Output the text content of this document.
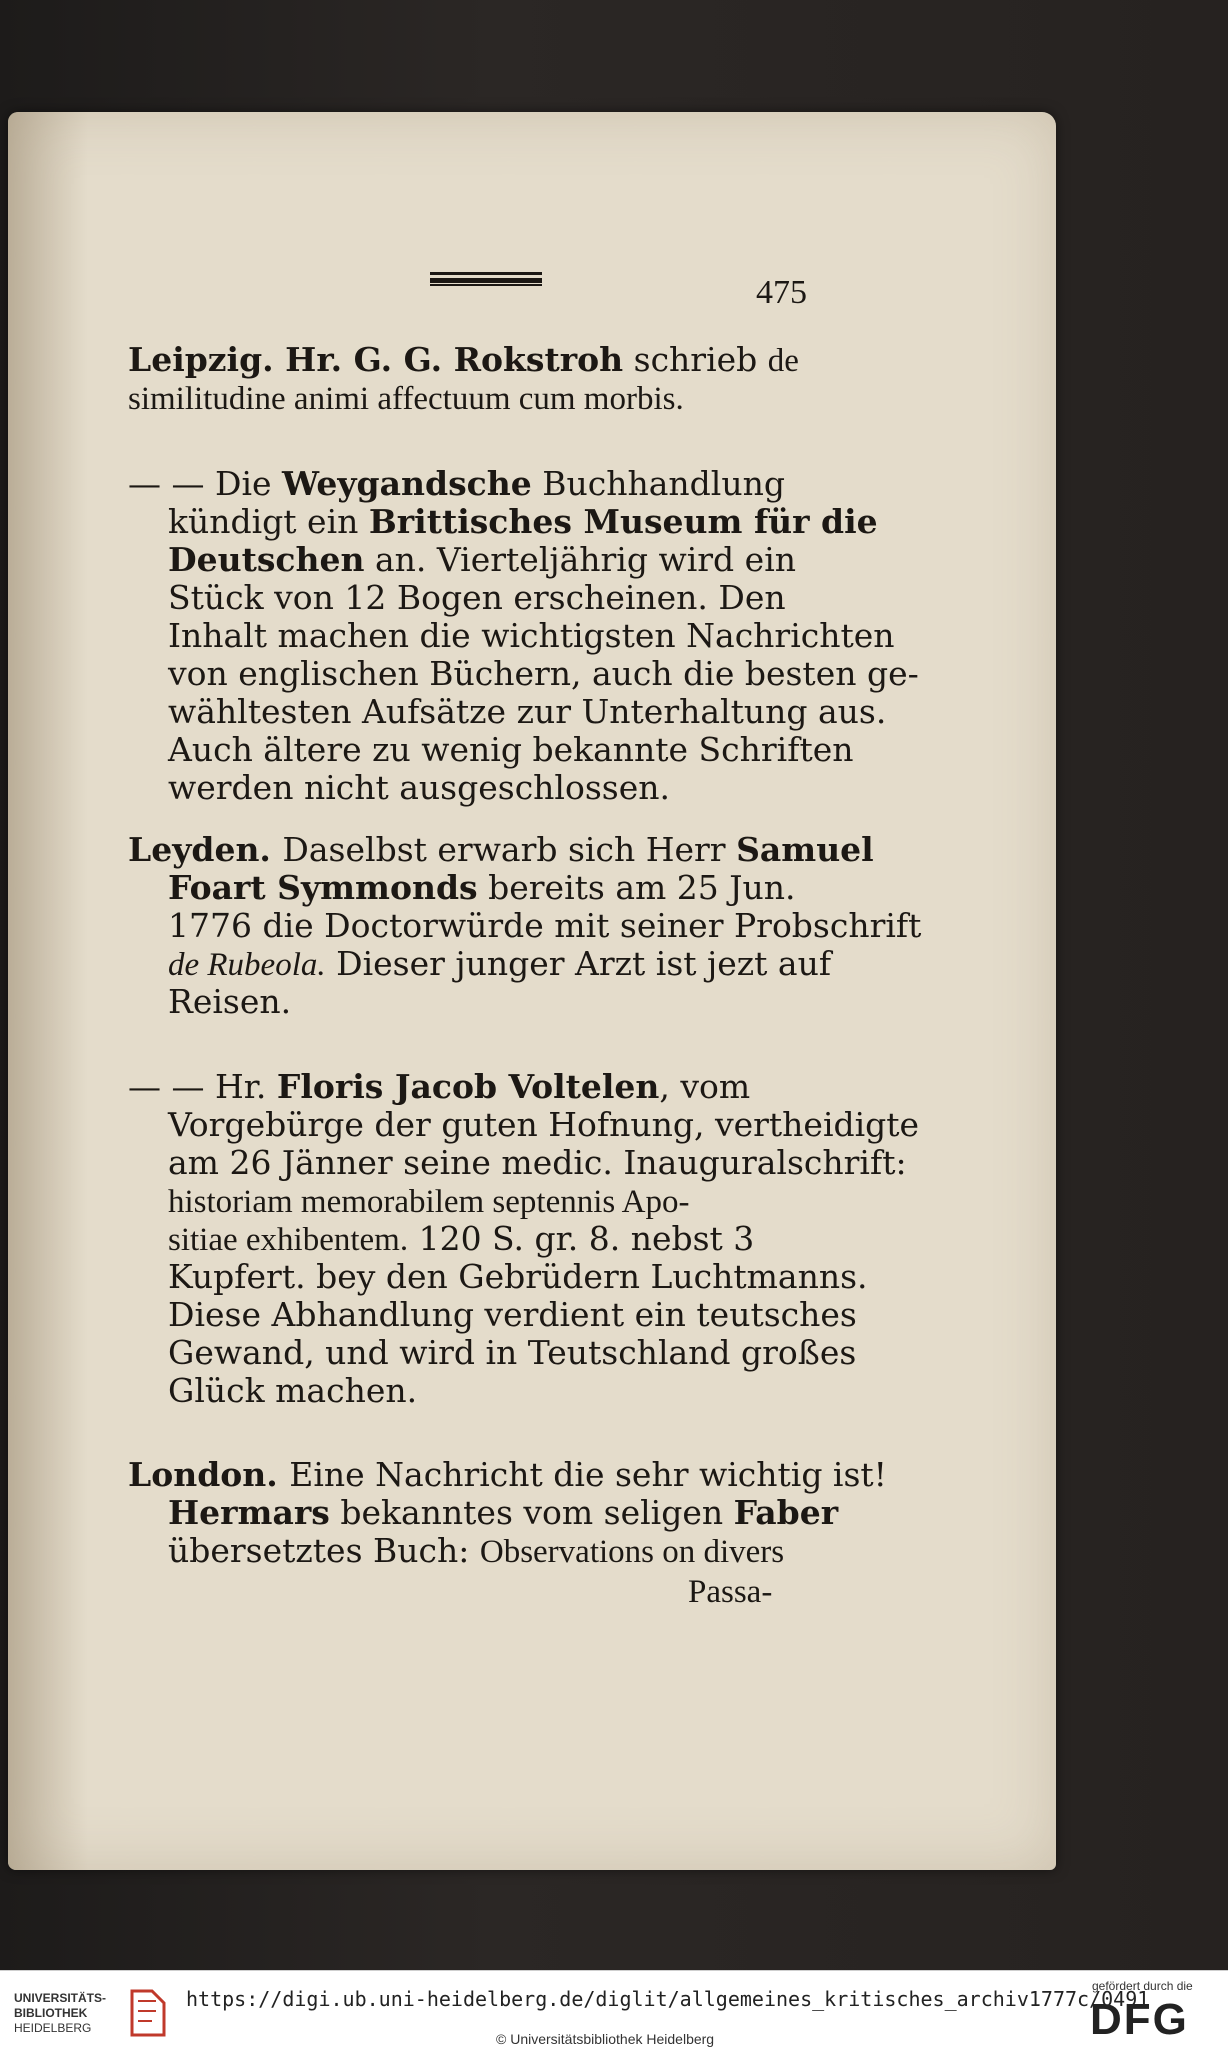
475
Leipzig. Hr. G. G. Rokstroh schrieb de
similitudine animi affectuum cum morbis.
— — Die Weygandsche Buchhandlung
kündigt ein Brittisches Museum für die
Deutschen an. Vierteljährig wird ein
Stück von 12 Bogen erscheinen. Den
Inhalt machen die wichtigsten Nachrichten
von englischen Büchern, auch die besten ge-
wähltesten Aufsätze zur Unterhaltung aus.
Auch ältere zu wenig bekannte Schriften
werden nicht ausgeschlossen.
Leyden. Daselbst erwarb sich Herr Samuel
Foart Symmonds bereits am 25 Jun.
1776 die Doctorwürde mit seiner Probschrift
de Rubeola. Dieser junger Arzt ist jezt auf
Reisen.
— — Hr. Floris Jacob Voltelen, vom
Vorgebürge der guten Hofnung, vertheidigte
am 26 Jänner seine medic. Inauguralschrift:
historiam memorabilem septennis Apo-
sitiae exhibentem. 120 S. gr. 8. nebst 3
Kupfert. bey den Gebrüdern Luchtmanns.
Diese Abhandlung verdient ein teutsches
Gewand, und wird in Teutschland großes
Glück machen.
London. Eine Nachricht die sehr wichtig ist!
Hermars bekanntes vom seligen Faber
übersetztes Buch: Observations on divers
Passa-
UNIVERSITÄTS-
BIBLIOTHEK
HEIDELBERG
https://digi.ub.uni-heidelberg.de/diglit/allgemeines_kritisches_archiv1777c/0491
© Universitätsbibliothek Heidelberg
gefördert durch die
DFG
